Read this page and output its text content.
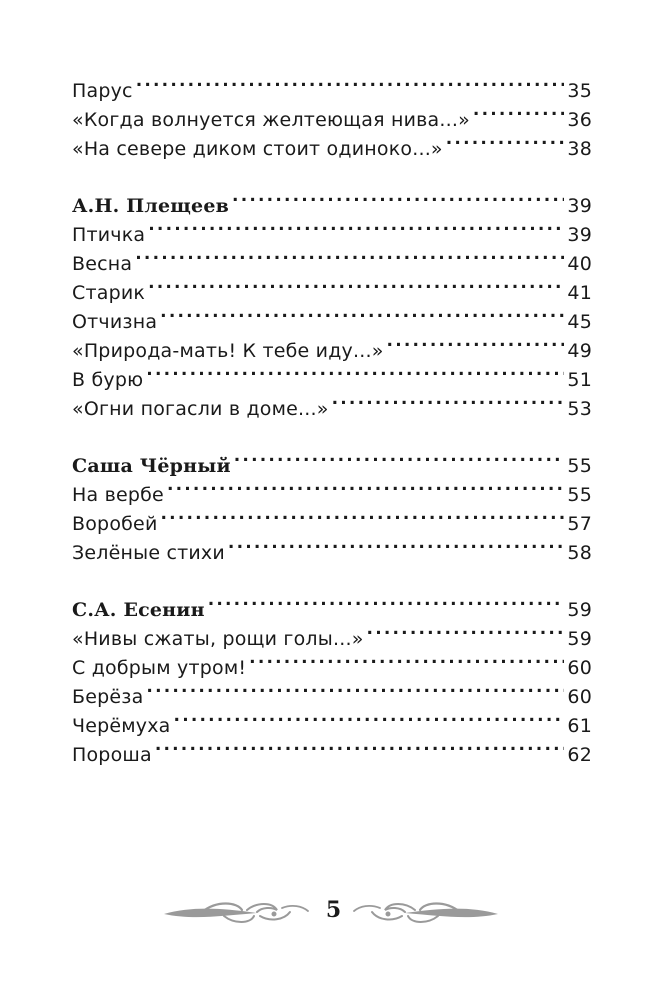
Парус .....	35
«Когда волнуется желтеющая нива...» .....	36
«На севере диком стоит одиноко...» .....	38
А.Н. Плещеев .....	39
Птичка .....	39
Весна .....	40
Старик .....	41
Отчизна .....	45
«Природа-мать! К тебе иду...» .....	49
В бурю .....	51
«Огни погасли в доме...» .....	53
Саша Чёрный .....	55
На вербе .....	55
Воробей .....	57
Зелёные стихи .....	58
С.А. Есенин .....	59
«Нивы сжаты, рощи голы...» .....	59
С добрым утром! .....	60
Берёза .....	60
Черёмуха .....	61
Пороша .....	62
5
